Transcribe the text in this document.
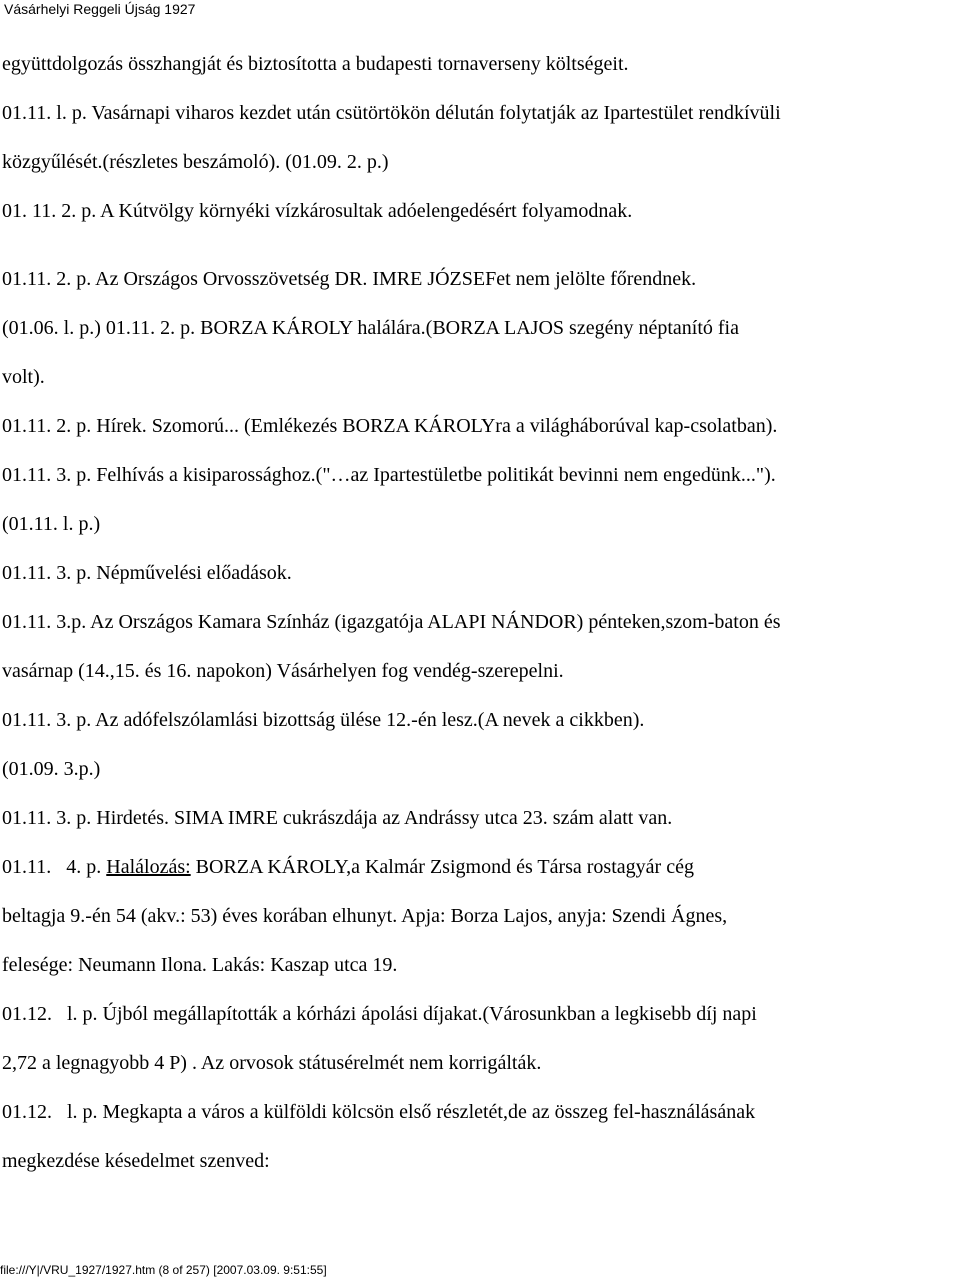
Vásárhelyi Reggeli Újság 1927

együttdolgozás összhangját és biztosította a budapesti tornaverseny költségeit.

01.11. l. p. Vasárnapi viharos kezdet után csütörtökön délután folytatják az Ipartestület rendkívüli

közgyűlését.(részletes beszámoló). (01.09. 2. p.)

01. 11. 2. p. A Kútvölgy környéki vízkárosultak adóelengedésért folyamodnak.

01.11. 2. p. Az Országos Orvosszövetség DR. IMRE JÓZSEFet nem jelölte főrendnek.

(01.06. l. p.) 01.11. 2. p. BORZA KÁROLY halálára.(BORZA LAJOS szegény néptanító fia

volt).

01.11. 2. p. Hírek. Szomorú... (Emlékezés BORZA KÁROLYra a világháborúval kap-csolatban).

01.11. 3. p. Felhívás a kisiparossághoz.("…az Ipartestületbe politikát bevinni nem engedünk...").

(01.11. l. p.)

01.11. 3. p. Népművelési előadások.

01.11. 3.p. Az Országos Kamara Színház (igazgatója ALAPI NÁNDOR) pénteken,szom-baton és

vasárnap (14.,15. és 16. napokon) Vásárhelyen fog vendég-szerepelni.

01.11. 3. p. Az adófelszólamlási bizottság ülése 12.-én lesz.(A nevek a cikkben).

(01.09. 3.p.)

01.11. 3. p. Hirdetés. SIMA IMRE cukrászdája az Andrássy utca 23. szám alatt van.

01.11.   4. p. Halálozás: BORZA KÁROLY,a Kalmár Zsigmond és Társa rostagyár cég

beltagja 9.-én 54 (akv.: 53) éves korában elhunyt. Apja: Borza Lajos, anyja: Szendi Ágnes,

felesége: Neumann Ilona. Lakás: Kaszap utca 19.

01.12.   l. p. Újból megállapították a kórházi ápolási díjakat.(Városunkban a legkisebb díj napi

2,72 a legnagyobb 4 P) . Az orvosok státusérelmét nem korrigálták.

01.12.   l. p. Megkapta a város a külföldi kölcsön első részletét,de az összeg fel-használásának

megkezdése késedelmet szenved:

file:///Y|/VRU_1927/1927.htm (8 of 257) [2007.03.09. 9:51:55]
